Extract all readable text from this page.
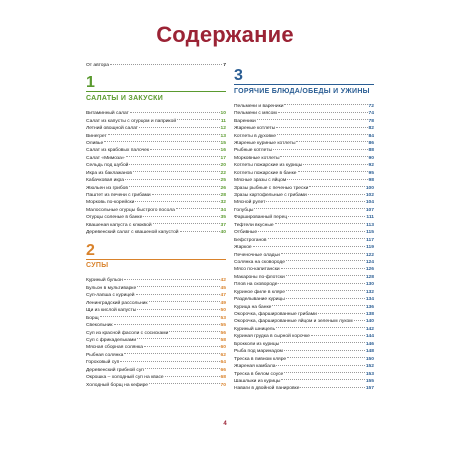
Содержание
От автора	7
1
САЛАТЫ И ЗАКУСКИ
Витаминный салат	10
Салат из капусты с огурцом и паприкой	11
Летний овощной салат	12
Винегрет	13
Оливье	15
Салат из крабовых палочек	16
Салат «Мимоза»	17
Сельдь под шубой	20
Икра из баклажанов	22
Кабачковая икра	25
Жюльен из грибов	26
Паштет из печени с грибами	28
Морковь по-корейски	32
Малосольные огурцы быстрого посола	34
Огурцы соленые в банке	35
Квашеная капуста с клюквой	37
Деревенский салат с квашеной капустой	40
2
СУПЫ
Куриный бульон	42
Бульон в мультиварке	45
Суп-лапша с курицей	47
Ленинградский рассольник	49
Щи из кислой капусты	50
Борщ	53
Свекольник	55
Суп из красной фасоли с сосисками	56
Суп с фрикадельками	58
Мясная сборная солянка	60
Рыбная солянка	62
Гороховый суп	64
Деревенский грибной суп	66
Окрошка – холодный суп на квасе	68
Холодный борщ на кефире	70
3
ГОРЯЧИЕ БЛЮДА/ОБЕДЫ И УЖИНЫ
Пельмени и вареники	72
Пельмени с мясом	74
Вареники	78
Жареные котлеты	82
Котлеты в духовке	84
Жареные куриные котлеты	86
Рыбные котлеты	88
Морковные котлеты	90
Котлеты пожарские из курицы	92
Котлеты пожарские в банке	95
Мясные зразы с яйцом	98
Зразы рыбные с печенью трески	100
Зразы картофельные с грибами	102
Мясной рулет	104
Голубцы	107
Фаршированный перец	111
Тефтели вкусные	113
Отбивные	115
Бефстроганов	117
Жаркое	119
Печеночные оладьи	122
Солянка на сковороде	124
Мясо по-капитански	126
Макароны по-флотски	128
Плов на сковороде	130
Куриное филе в кляре	132
Разделывание курицы	134
Курица на банке	136
Окорочка, фаршированные грибами	138
Окорочка, фаршированные яйцом и зеленым луком	140
Куриный шницель	142
Куриная грудка в сырной корочке	144
Брокколи из курицы	146
Рыба под маринадом	148
Треска в пивном кляре	150
Жареная камбала	152
Треска в белом соусе	153
Шашлыки из курицы	155
Наваги в двойной панировке	157
4
